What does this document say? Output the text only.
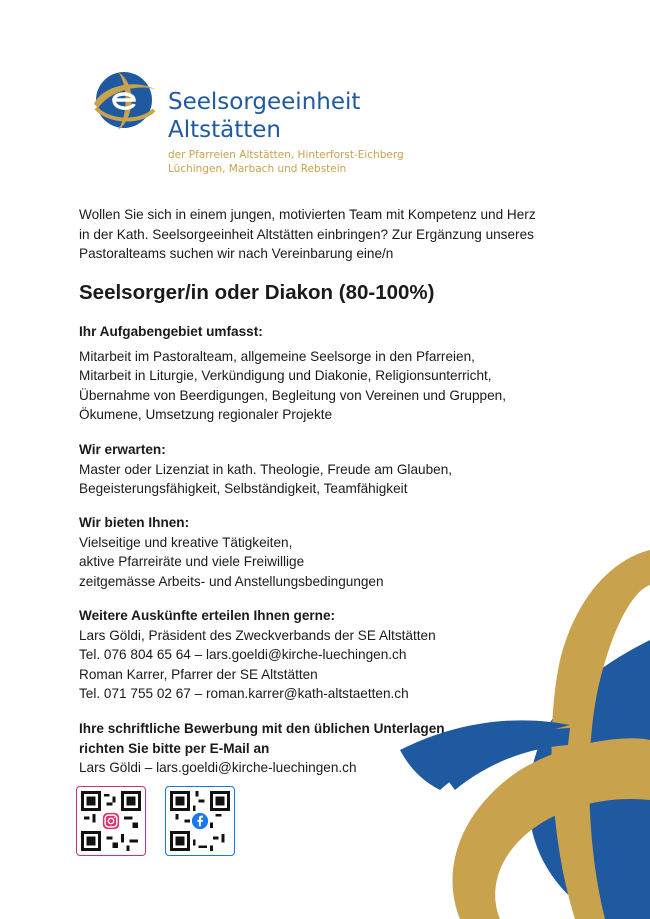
Seelsorgeeinheit
Altstätten
der Pfarreien Altstätten, Hinterforst-Eichberg
Lüchingen, Marbach und Rebstein
Wollen Sie sich in einem jungen, motivierten Team mit Kompetenz und Herz
in der Kath. Seelsorgeeinheit Altstätten einbringen? Zur Ergänzung unseres
Pastoralteams suchen wir nach Vereinbarung eine/n
Seelsorger/in oder Diakon (80-100%)
Ihr Aufgabengebiet umfasst:
Mitarbeit im Pastoralteam, allgemeine Seelsorge in den Pfarreien,
Mitarbeit in Liturgie, Verkündigung und Diakonie, Religionsunterricht,
Übernahme von Beerdigungen, Begleitung von Vereinen und Gruppen,
Ökumene, Umsetzung regionaler Projekte
Wir erwarten:
Master oder Lizenziat in kath. Theologie, Freude am Glauben,
Begeisterungsfähigkeit, Selbständigkeit, Teamfähigkeit
Wir bieten Ihnen:
Vielseitige und kreative Tätigkeiten,
aktive Pfarreiräte und viele Freiwillige
zeitgemässe Arbeits- und Anstellungsbedingungen
Weitere Auskünfte erteilen Ihnen gerne:
Lars Göldi, Präsident des Zweckverbands der SE Altstätten
Tel. 076 804 65 64 – lars.goeldi@kirche-luechingen.ch
Roman Karrer, Pfarrer der SE Altstätten
Tel. 071 755 02 67 – roman.karrer@kath-altstaetten.ch
Ihre schriftliche Bewerbung mit den üblichen Unterlagen
richten Sie bitte per E-Mail an
Lars Göldi – lars.goeldi@kirche-luechingen.ch
